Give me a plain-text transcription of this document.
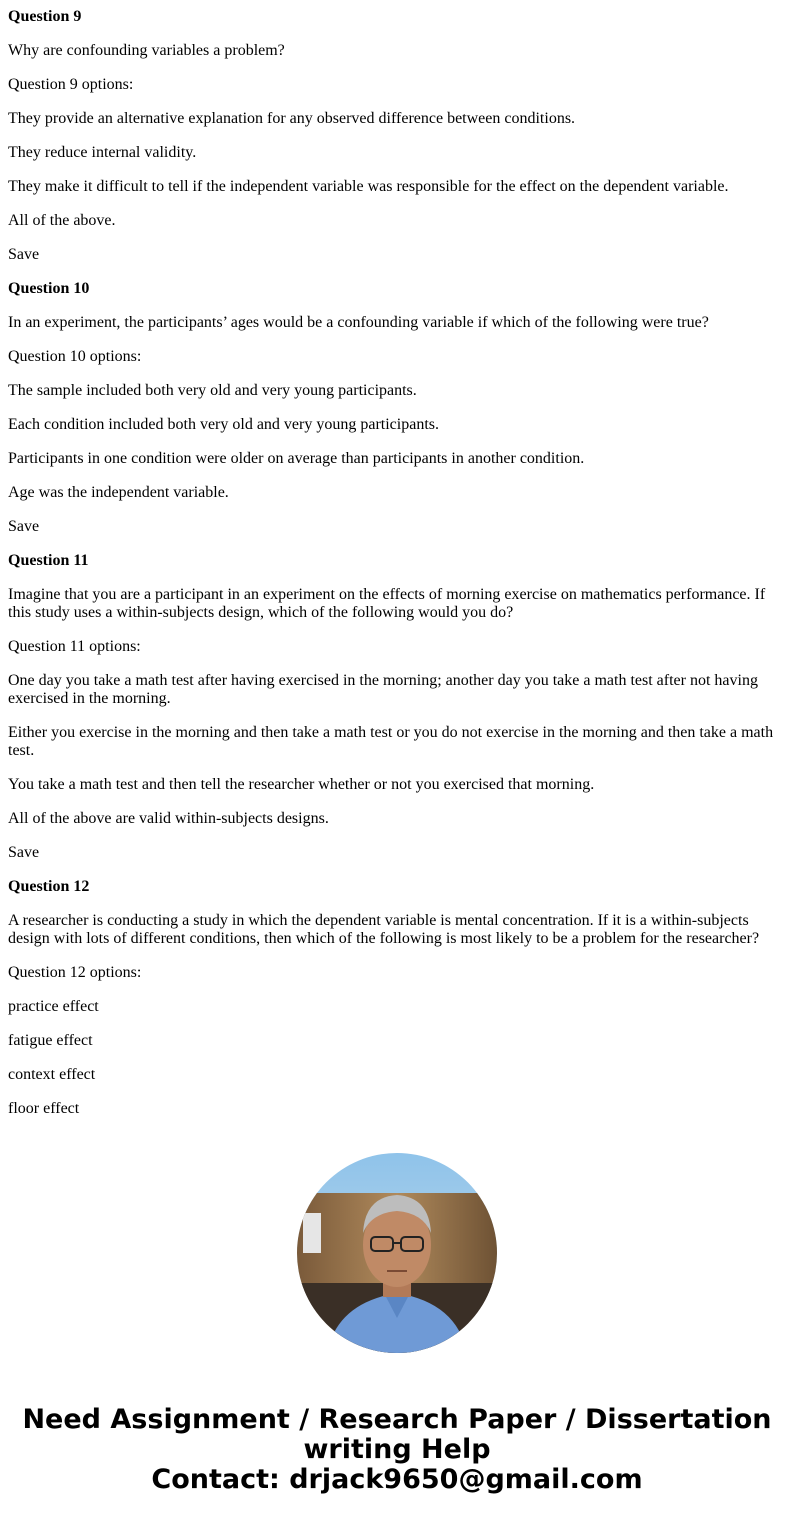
Question 9

Why are confounding variables a problem?

Question 9 options:

They provide an alternative explanation for any observed difference between conditions.

They reduce internal validity.

They make it difficult to tell if the independent variable was responsible for the effect on the dependent variable.

All of the above.

Save

Question 10

In an experiment, the participants’ ages would be a confounding variable if which of the following were true?

Question 10 options:

The sample included both very old and very young participants.

Each condition included both very old and very young participants.

Participants in one condition were older on average than participants in another condition.

Age was the independent variable.

Save

Question 11

Imagine that you are a participant in an experiment on the effects of morning exercise on mathematics performance. If this study uses a within-subjects design, which of the following would you do?

Question 11 options:

One day you take a math test after having exercised in the morning; another day you take a math test after not having exercised in the morning.

Either you exercise in the morning and then take a math test or you do not exercise in the morning and then take a math test.

You take a math test and then tell the researcher whether or not you exercised that morning.

All of the above are valid within-subjects designs.

Save

Question 12

A researcher is conducting a study in which the dependent variable is mental concentration. If it is a within-subjects design with lots of different conditions, then which of the following is most likely to be a problem for the researcher?

Question 12 options:

practice effect

fatigue effect

context effect

floor effect

Need Assignment / Research Paper / Dissertation
writing Help
Contact: drjack9650@gmail.com
